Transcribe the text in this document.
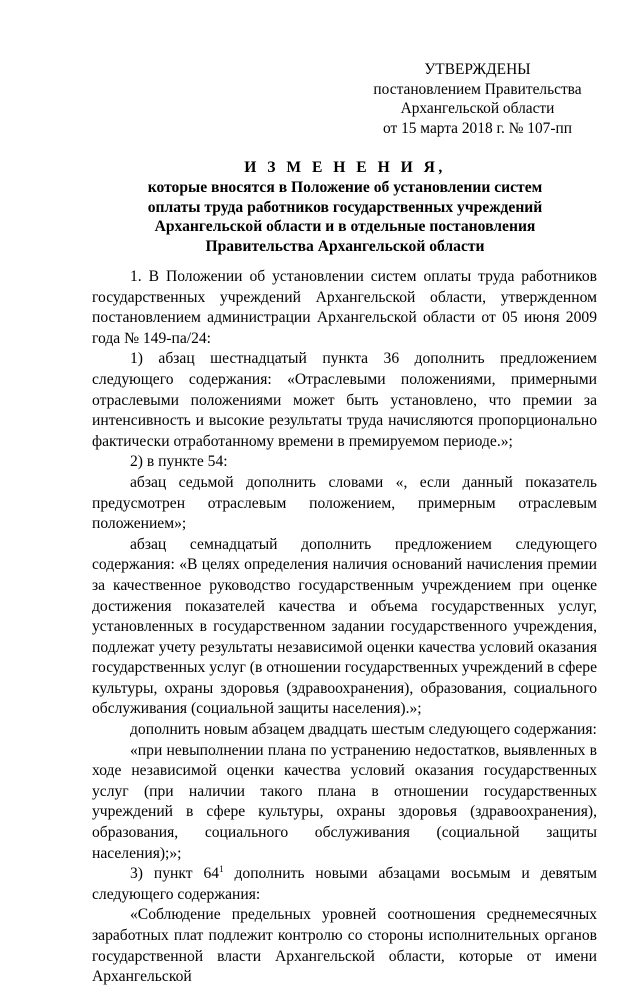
УТВЕРЖДЕНЫ
постановлением Правительства
Архангельской области
от 15 марта 2018 г. № 107-пп
И З М Е Н Е Н И Я,
которые вносятся в Положение об установлении систем
оплаты труда работников государственных учреждений
Архангельской области и в отдельные постановления
Правительства Архангельской области

1. В Положении об установлении систем оплаты труда работников государственных учреждений Архангельской области, утвержденном постановлением администрации Архангельской области от 05 июня 2009 года № 149-па/24:

1) абзац шестнадцатый пункта 36 дополнить предложением следующего содержания: «Отраслевыми положениями, примерными отраслевыми положениями может быть установлено, что премии за интенсивность и высокие результаты труда начисляются пропорционально фактически отработанному времени в премируемом периоде.»;

2) в пункте 54:

абзац седьмой дополнить словами «, если данный показатель предусмотрен отраслевым положением, примерным отраслевым положением»;

абзац семнадцатый дополнить предложением следующего содержания: «В целях определения наличия оснований начисления премии за качественное руководство государственным учреждением при оценке достижения показателей качества и объема государственных услуг, установленных в государственном задании государственного учреждения, подлежат учету результаты независимой оценки качества условий оказания государственных услуг (в отношении государственных учреждений в сфере культуры, охраны здоровья (здравоохранения), образования, социального обслуживания (социальной защиты населения).»;

дополнить новым абзацем двадцать шестым следующего содержания:

«при невыполнении плана по устранению недостатков, выявленных в ходе независимой оценки качества условий оказания государственных услуг (при наличии такого плана в отношении государственных учреждений в сфере культуры, охраны здоровья (здравоохранения), образования, социального обслуживания (социальной защиты населения);»;

3) пункт $64^1$ дополнить новыми абзацами восьмым и девятым следующего содержания:

«Соблюдение предельных уровней соотношения среднемесячных заработных плат подлежит контролю со стороны исполнительных органов государственной власти Архангельской области, которые от имени Архангельской
